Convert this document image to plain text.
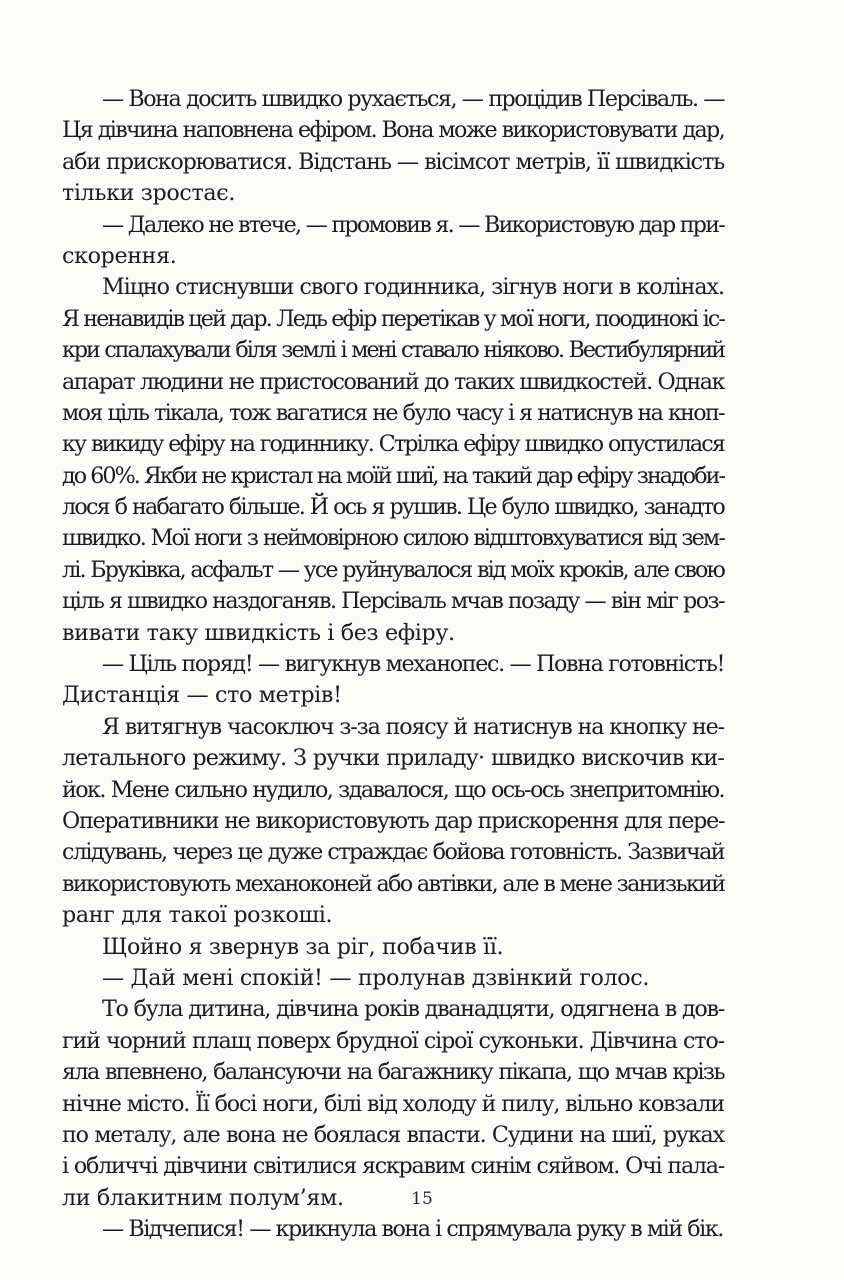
— Вона досить швидко рухається, — процідив Персіваль. —
Ця дівчина наповнена ефіром. Вона може використовувати дар,
аби прискорюватися. Відстань — вісімсот метрів, її швидкість
тільки зростає.
— Далеко не втече, — промовив я. — Використовую дар при-
скорення.
Міцно стиснувши свого годинника, зігнув ноги в колінах.
Я ненавидів цей дар. Ледь ефір перетікав у мої ноги, поодинокі іс-
кри спалахували біля землі і мені ставало ніяково. Вестибулярний
апарат людини не пристосований до таких швидкостей. Однак
моя ціль тікала, тож вагатися не було часу і я натиснув на кноп-
ку викиду ефіру на годиннику. Стрілка ефіру швидко опустилася
до 60%. Якби не кристал на моїй шиї, на такий дар ефіру знадоби-
лося б набагато більше. Й ось я рушив. Це було швидко, занадто
швидко. Мої ноги з неймовірною силою відштовхуватися від зем-
лі. Бруківка, асфальт — усе руйнувалося від моїх кроків, але свою
ціль я швидко наздоганяв. Персіваль мчав позаду — він міг роз-
вивати таку швидкість і без ефіру.
— Ціль поряд! — вигукнув механопес. — Повна готовність!
Дистанція — сто метрів!
Я витягнув часоключ з-за поясу й натиснув на кнопку не-
летального режиму. З ручки приладу· швидко вискочив ки-
йок. Мене сильно нудило, здавалося, що ось-ось знепритомнію.
Оперативники не використовують дар прискорення для пере-
слідувань, через це дуже страждає бойова готовність. Зазвичай
використовують механоконей або автівки, але в мене занизький
ранг для такої розкоші.
Щойно я звернув за ріг, побачив її.
— Дай мені спокій! — пролунав дзвінкий голос.
То була дитина, дівчина років дванадцяти, одягнена в дов-
гий чорний плащ поверх брудної сірої суконьки. Дівчина сто-
яла впевнено, балансуючи на багажнику пікапа, що мчав крізь
нічне місто. Її босі ноги, білі від холоду й пилу, вільно ковзали
по металу, але вона не боялася впасти. Судини на шиї, руках
і обличчі дівчини світилися яскравим синім сяйвом. Очі пала-
ли блакитним полум’ям.
— Відчепися! — крикнула вона і спрямувала руку в мій бік.
15
